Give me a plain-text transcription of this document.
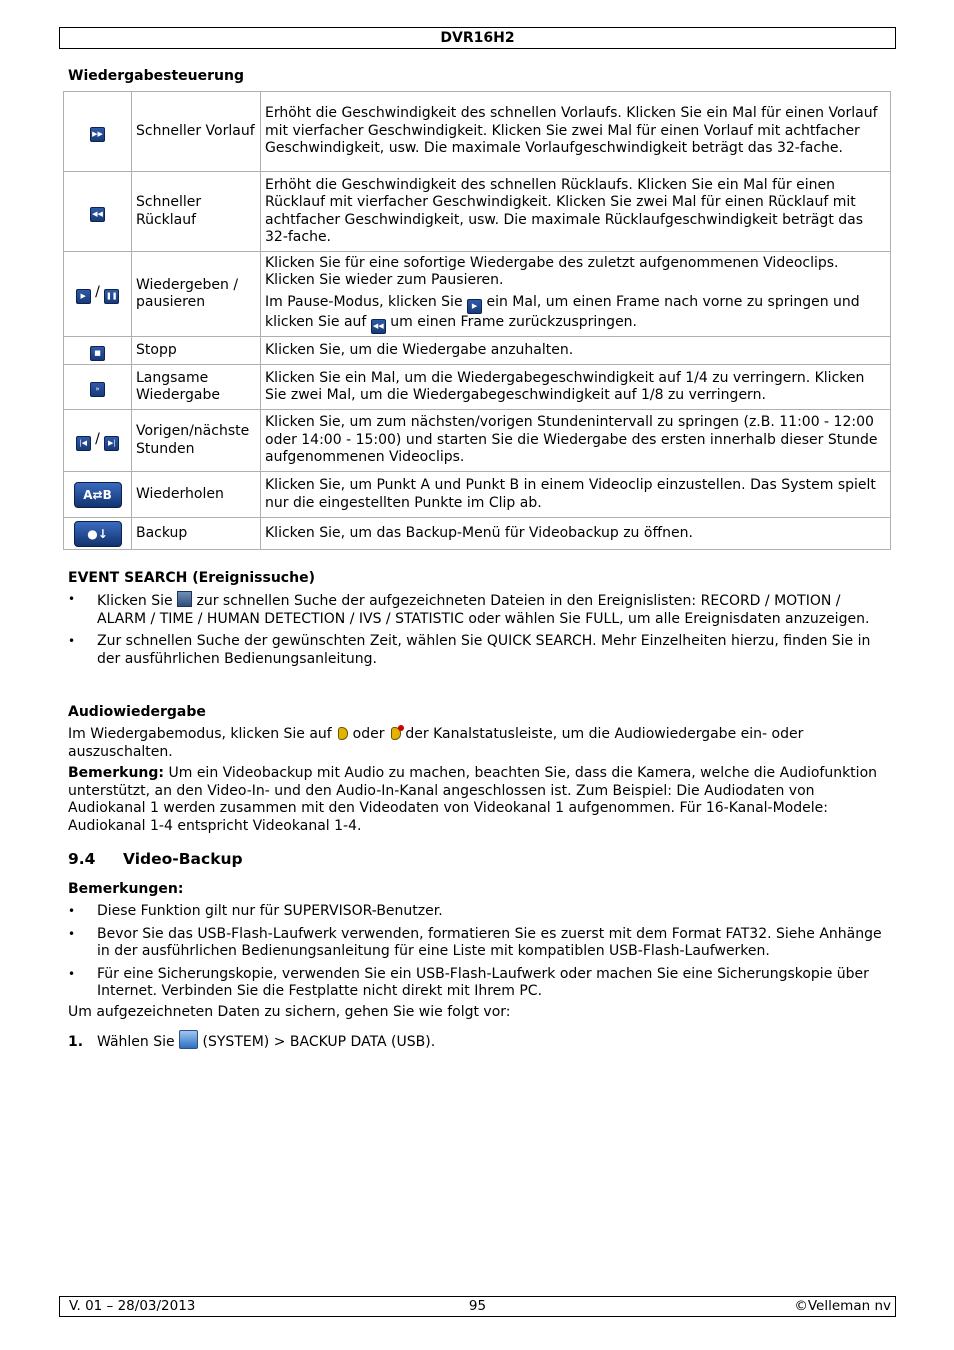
DVR16H2
Wiedergabesteuerung
▶▶	Schneller Vorlauf	Erhöht die Geschwindigkeit des schnellen Vorlaufs. Klicken Sie ein Mal für einen Vorlauf mit vierfacher Geschwindigkeit. Klicken Sie zwei Mal für einen Vorlauf mit achtfacher Geschwindigkeit, usw. Die maximale Vorlaufgeschwindigkeit beträgt das 32-fache.
◀◀	Schneller Rücklauf	Erhöht die Geschwindigkeit des schnellen Rücklaufs. Klicken Sie ein Mal für einen Rücklauf mit vierfacher Geschwindigkeit. Klicken Sie zwei Mal für einen Rücklauf mit achtfacher Geschwindigkeit, usw. Die maximale Rücklaufgeschwindigkeit beträgt das 32-fache.
▶ / ❚❚	Wiedergeben / pausieren	Klicken Sie für eine sofortige Wiedergabe des zuletzt aufgenommenen Videoclips. Klicken Sie wieder zum Pausieren.

Im Pause-Modus, klicken Sie ▶ ein Mal, um einen Frame nach vorne zu springen und klicken Sie auf ◀◀ um einen Frame zurückzuspringen.

■	Stopp	Klicken Sie, um die Wiedergabe anzuhalten.
»	Langsame Wiedergabe	Klicken Sie ein Mal, um die Wiedergabegeschwindigkeit auf 1/4 zu verringern. Klicken Sie zwei Mal, um die Wiedergabegeschwindigkeit auf 1/8 zu verringern.
|◀ / ▶|	Vorigen/nächste Stunden	Klicken Sie, um zum nächsten/vorigen Stundenintervall zu springen (z.B. 11:00 - 12:00 oder 14:00 - 15:00) und starten Sie die Wiedergabe des ersten innerhalb dieser Stunde aufgenommenen Videoclips.
A⇄B	Wiederholen	Klicken Sie, um Punkt A und Punkt B in einem Videoclip einzustellen. Das System spielt nur die eingestellten Punkte im Clip ab.
●↓	Backup	Klicken Sie, um das Backup-Menü für Videobackup zu öffnen.
EVENT SEARCH (Ereignissuche)
• Klicken Sie zur schnellen Suche der aufgezeichneten Dateien in den Ereignislisten: RECORD / MOTION / ALARM / TIME / HUMAN DETECTION / IVS / STATISTIC oder wählen Sie FULL, um alle Ereignisdaten anzuzeigen.
• Zur schnellen Suche der gewünschten Zeit, wählen Sie QUICK SEARCH. Mehr Einzelheiten hierzu, finden Sie in der ausführlichen Bedienungsanleitung.
Audiowiedergabe

Im Wiedergabemodus, klicken Sie auf oder der Kanalstatusleiste, um die Audiowiedergabe ein- oder auszuschalten.

Bemerkung: Um ein Videobackup mit Audio zu machen, beachten Sie, dass die Kamera, welche die Audiofunktion unterstützt, an den Video-In- und den Audio-In-Kanal angeschlossen ist. Zum Beispiel: Die Audiodaten von Audiokanal 1 werden zusammen mit den Videodaten von Videokanal 1 aufgenommen. Für 16-Kanal-Modele: Audiokanal 1-4 entspricht Videokanal 1-4.

9.4 Video-Backup
Bemerkungen:
• Diese Funktion gilt nur für SUPERVISOR-Benutzer.
• Bevor Sie das USB-Flash-Laufwerk verwenden, formatieren Sie es zuerst mit dem Format FAT32. Siehe Anhänge in der ausführlichen Bedienungsanleitung für eine Liste mit kompatiblen USB-Flash-Laufwerken.
• Für eine Sicherungskopie, verwenden Sie ein USB-Flash-Laufwerk oder machen Sie eine Sicherungskopie über Internet. Verbinden Sie die Festplatte nicht direkt mit Ihrem PC.

Um aufgezeichneten Daten zu sichern, gehen Sie wie folgt vor:

1. Wählen Sie (SYSTEM) > BACKUP DATA (USB).

V. 01 – 28/03/2013	95	©Velleman nv
